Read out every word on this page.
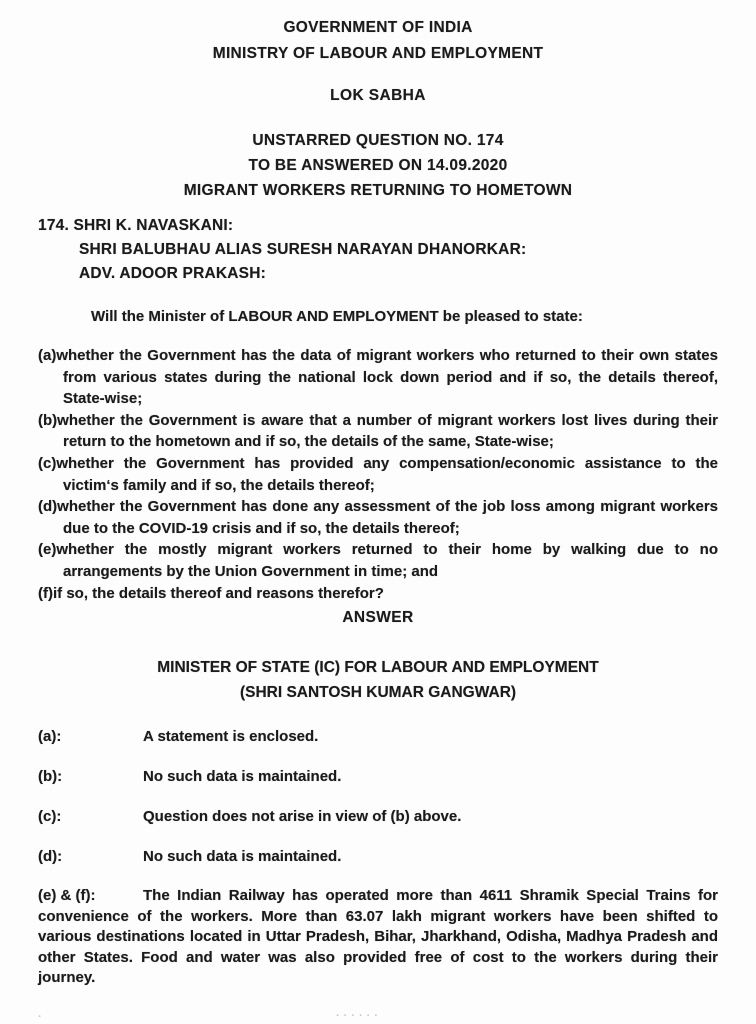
GOVERNMENT OF INDIA
MINISTRY OF LABOUR AND EMPLOYMENT
LOK SABHA
UNSTARRED QUESTION NO. 174
TO BE ANSWERED ON 14.09.2020
MIGRANT WORKERS RETURNING TO HOMETOWN
174. SHRI K. NAVASKANI:
SHRI BALUBHAU ALIAS SURESH NARAYAN DHANORKAR:
ADV. ADOOR PRAKASH:
Will the Minister of LABOUR AND EMPLOYMENT be pleased to state:

(a)whether the Government has the data of migrant workers who returned to their own states from various states during the national lock down period and if so, the details thereof, State-wise;

(b)whether the Government is aware that a number of migrant workers lost lives during their return to the hometown and if so, the details of the same, State-wise;

(c)whether the Government has provided any compensation/economic assistance to the victim‘s family and if so, the details thereof;

(d)whether the Government has done any assessment of the job loss among migrant workers due to the COVID-19 crisis and if so, the details thereof;

(e)whether the mostly migrant workers returned to their home by walking due to no arrangements by the Union Government in time; and

(f)if so, the details thereof and reasons therefor?

ANSWER
MINISTER OF STATE (IC) FOR LABOUR AND EMPLOYMENT
(SHRI SANTOSH KUMAR GANGWAR)
(a):	A statement is enclosed.
(b):	No such data is maintained.
(c):	Question does not arise in view of (b) above.
(d):	No such data is maintained.

(e) & (f):	The Indian Railway has operated more than 4611 Shramik Special Trains for convenience of the workers. More than 63.07 lakh migrant workers have been shifted to various destinations located in Uttar Pradesh, Bihar, Jharkhand, Odisha, Madhya Pradesh and other States. Food and water was also provided free of cost to the workers during their journey.

·	······
